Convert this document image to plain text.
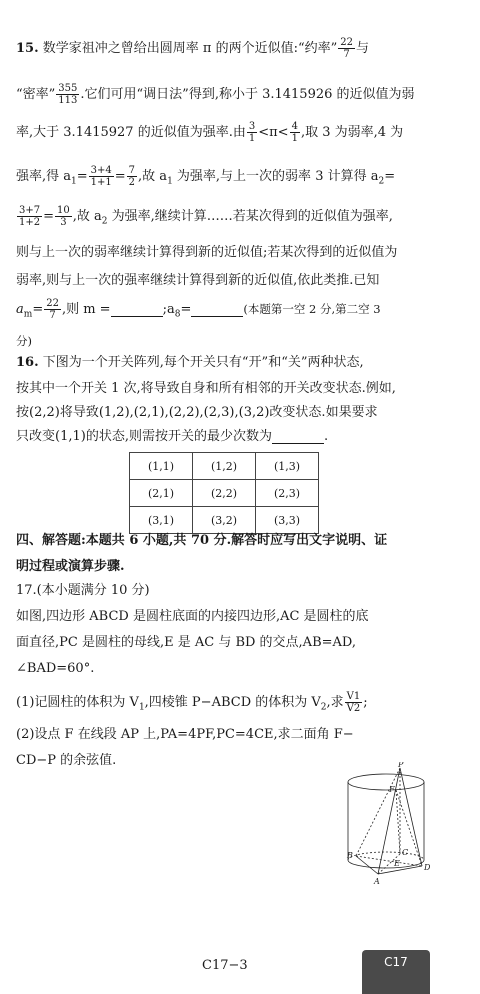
15. 数学家祖冲之曾给出圆周率 π 的两个近似值:“约率” $\frac{22}{7}$ 与
“密率” $\frac{355}{113}$ .它们可用“调日法”得到,称小于 3.1415926 的近似值为弱
率,大于 3.1415927 的近似值为强率.由 $\frac{3}{1} <\pi< \frac{4}{1}$ ,取 3 为弱率,4 为
强率,得 $a_1= \frac{3+4}{1+1} = \frac{7}{2}$ ,故 $a_1$ 为强率,与上一次的弱率 3 计算得 $a_2=$
$\frac{3+7}{1+2} = \frac{10}{3}$ ,故 $a_2$ 为强率,继续计算……若某次得到的近似值为强率,
则与上一次的弱率继续计算得到新的近似值;若某次得到的近似值为
弱率,则与上一次的强率继续计算得到新的近似值,依此类推.已知
$a_m= \frac{22}{7}$ ,则 m =	$;a_8=$	(本题第一空 2 分,第二空 3
分)
16. 下图为一个开关阵列,每个开关只有“开”和“关”两种状态,
按其中一个开关 1 次,将导致自身和所有相邻的开关改变状态.例如,
按(2,2)将导致(1,2),(2,1),(2,2),(2,3),(3,2)改变状态.如果要求
只改变(1,1)的状态,则需按开关的最少次数为	.
(1,1)	(1,2)	(1,3)
(2,1)	(2,2)	(2,3)
(3,1)	(3,2)	(3,3)
四、解答题:本题共 6 小题,共 70 分.解答时应写出文字说明、证
明过程或演算步骤.
17.(本小题满分 10 分)
如图,四边形 ABCD 是圆柱底面的内接四边形,AC 是圆柱的底
面直径,PC 是圆柱的母线,E 是 AC 与 BD 的交点,AB=AD,
∠BAD=60°.
(1)记圆柱的体积为 $V_1$,四棱锥 P−ABCD 的体积为 $V_2$,求 $\frac{V1}{V2}$ ;
(2)设点 F 在线段 AP 上,PA=4PF,PC=4CE,求二面角 F−
CD−P 的余弦值.	P
F
B	C
D
E
A
C17−3	C17
